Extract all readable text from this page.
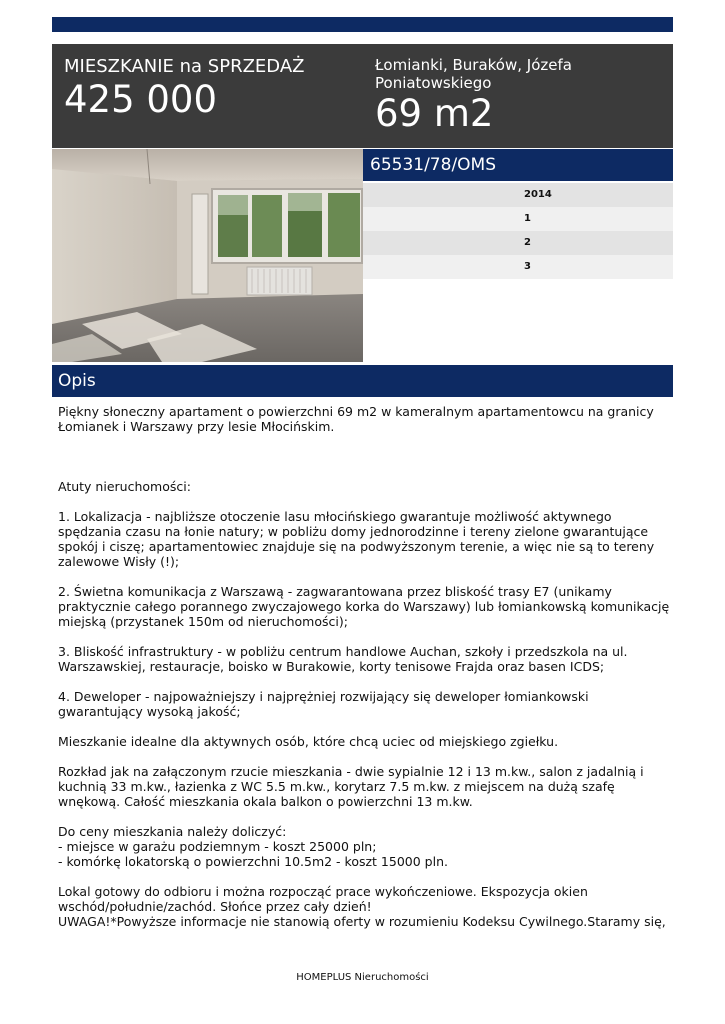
MIESZKANIE na SPRZEDAŻ
425 000
Łomianki, Buraków, Józefa Poniatowskiego
69 m2
65531/78/OMS
2014
1
2
3
Opis

Piękny słoneczny apartament o powierzchni 69 m2 w kameralnym apartamentowcu na granicy Łomianek i Warszawy przy lesie Młocińskim.

Atuty nieruchomości:

1. Lokalizacja - najbliższe otoczenie lasu młocińskiego gwarantuje możliwość aktywnego spędzania czasu na łonie natury; w pobliżu domy jednorodzinne i tereny zielone gwarantujące spokój i ciszę; apartamentowiec znajduje się na podwyższonym terenie, a więc nie są to tereny zalewowe Wisły (!);

2. Świetna komunikacja z Warszawą - zagwarantowana przez bliskość trasy E7 (unikamy praktycznie całego porannego zwyczajowego korka do Warszawy) lub łomiankowską komunikację miejską (przystanek 150m od nieruchomości);

3. Bliskość infrastruktury - w pobliżu centrum handlowe Auchan, szkoły i przedszkola na ul. Warszawskiej, restauracje, boisko w Burakowie, korty tenisowe Frajda oraz basen ICDS;

4. Deweloper - najpoważniejszy i najprężniej rozwijający się deweloper łomiankowski gwarantujący wysoką jakość;

Mieszkanie idealne dla aktywnych osób, które chcą uciec od miejskiego zgiełku.

Rozkład jak na załączonym rzucie mieszkania - dwie sypialnie 12 i 13 m.kw., salon z jadalnią i kuchnią 33 m.kw., łazienka z WC 5.5 m.kw., korytarz 7.5 m.kw. z miejscem na dużą szafę wnękową. Całość mieszkania okala balkon o powierzchni 13 m.kw.

Do ceny mieszkania należy doliczyć:

- miejsce w garażu podziemnym - koszt 25000 pln;

- komórkę lokatorską o powierzchni 10.5m2 - koszt 15000 pln.

Lokal gotowy do odbioru i można rozpocząć prace wykończeniowe. Ekspozycja okien wschód/południe/zachód. Słońce przez cały dzień!

UWAGA!*Powyższe informacje nie stanowią oferty w rozumieniu Kodeksu Cywilnego.Staramy się,

HOMEPLUS Nieruchomości
